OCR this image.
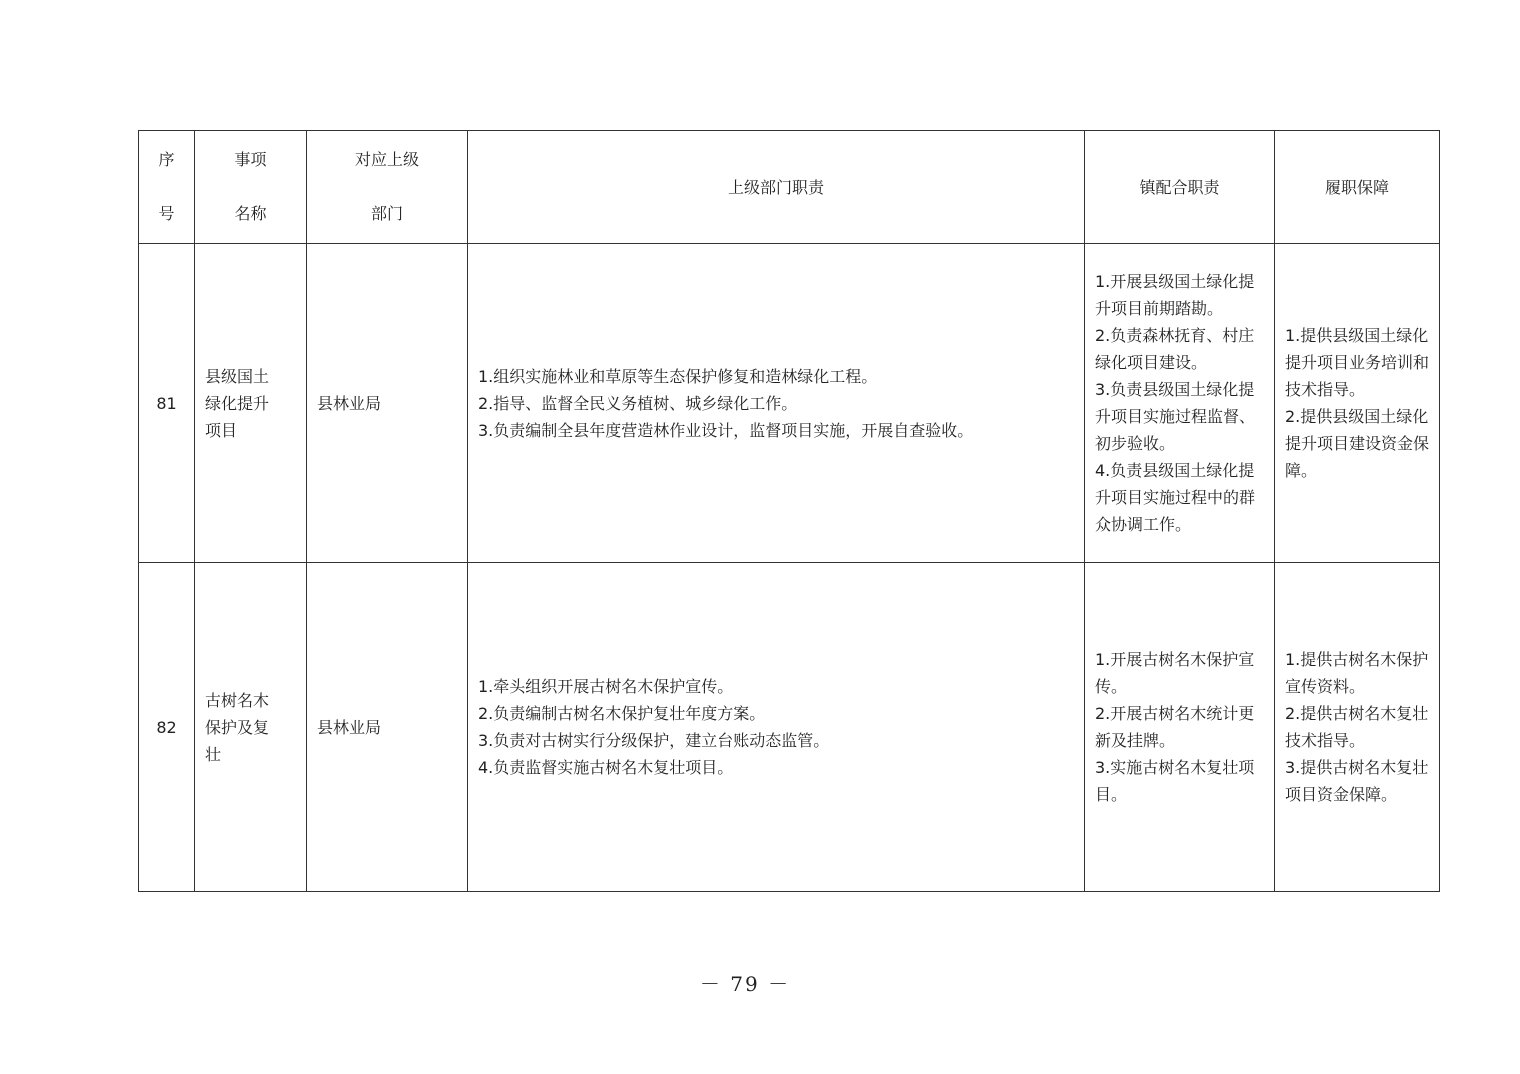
序
号	事项
名称	对应上级
部门	上级部门职责	镇配合职责	履职保障
81	县级国土
绿化提升
项目	县林业局	1.组织实施林业和草原等生态保护修复和造林绿化工程。
2.指导、监督全民义务植树、城乡绿化工作。
3.负责编制全县年度营造林作业设计，监督项目实施，开展自查验收。	1.开展县级国土绿化提升项目前期踏勘。
2.负责森林抚育、村庄绿化项目建设。
3.负责县级国土绿化提升项目实施过程监督、初步验收。
4.负责县级国土绿化提升项目实施过程中的群众协调工作。	1.提供县级国土绿化提升项目业务培训和技术指导。
2.提供县级国土绿化提升项目建设资金保障。

82	古树名木
保护及复
壮	县林业局	1.牵头组织开展古树名木保护宣传。
2.负责编制古树名木保护复壮年度方案。
3.负责对古树实行分级保护，建立台账动态监管。
4.负责监督实施古树名木复壮项目。	1.开展古树名木保护宣传。
2.开展古树名木统计更新及挂牌。
3.实施古树名木复壮项目。	1.提供古树名木保护宣传资料。
2.提供古树名木复壮技术指导。
3.提供古树名木复壮项目资金保障。
－ 79 －
